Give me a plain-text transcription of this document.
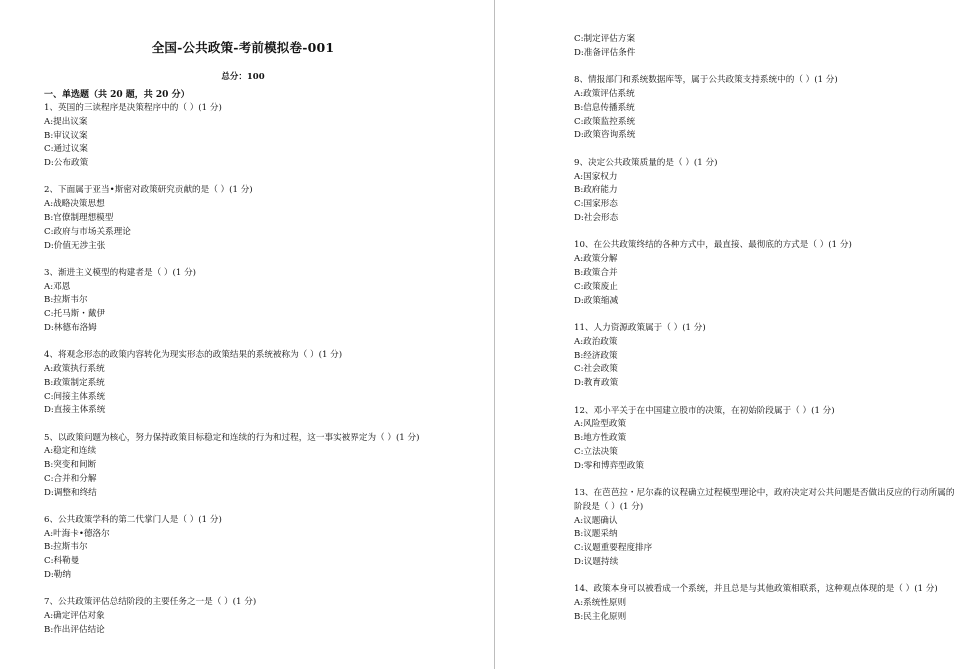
全国-公共政策-考前模拟卷-001
总分：100
一、单选题（共 20 题，共 20 分）
1、英国的三读程序是决策程序中的（ ）(1 分)
A:提出议案
B:审议议案
C:通过议案
D:公布政策
2、下面属于亚当•斯密对政策研究贡献的是（ ）(1 分)
A:战略决策思想
B:官僚制理想模型
C:政府与市场关系理论
D:价值无涉主张
3、渐进主义模型的构建者是（ ）(1 分)
A:邓恩
B:拉斯韦尔
C:托马斯・戴伊
D:林德布洛姆
4、将观念形态的政策内容转化为现实形态的政策结果的系统被称为（ ）(1 分)
A:政策执行系统
B:政策制定系统
C:间接主体系统
D:直接主体系统
5、以政策问题为核心，努力保持政策目标稳定和连续的行为和过程，这一事实被界定为（ ）(1 分)
A:稳定和连续
B:突变和间断
C:合并和分解
D:调整和终结
6、公共政策学科的第二代掌门人是（ ）(1 分)
A:叶海卡•德洛尔
B:拉斯韦尔
C:科勒曼
D:勒纳
7、公共政策评估总结阶段的主要任务之一是（ ）(1 分)
A:确定评估对象
B:作出评估结论
C:制定评估方案
D:准备评估条件
8、情报部门和系统数据库等，属于公共政策支持系统中的（ ）(1 分)
A:政策评估系统
B:信息传播系统
C:政策监控系统
D:政策咨询系统
9、决定公共政策质量的是（ ）(1 分)
A:国家权力
B:政府能力
C:国家形态
D:社会形态
10、在公共政策终结的各种方式中，最直接、最彻底的方式是（ ）(1 分)
A:政策分解
B:政策合并
C:政策废止
D:政策缩减
11、人力资源政策属于（ ）(1 分)
A:政治政策
B:经济政策
C:社会政策
D:教育政策
12、邓小平关于在中国建立股市的决策，在初始阶段属于（ ）(1 分)
A:风险型政策
B:地方性政策
C:立法决策
D:零和博弈型政策
13、在芭芭拉・尼尔森的议程确立过程模型理论中，政府决定对公共问题是否做出反应的行动所属的阶段是（ ）(1 分)
A:议题确认
B:议题采纳
C:议题重要程度排序
D:议题持续
14、政策本身可以被看成一个系统，并且总是与其他政策相联系，这种观点体现的是（ ）(1 分)
A:系统性原则
B:民主化原则
